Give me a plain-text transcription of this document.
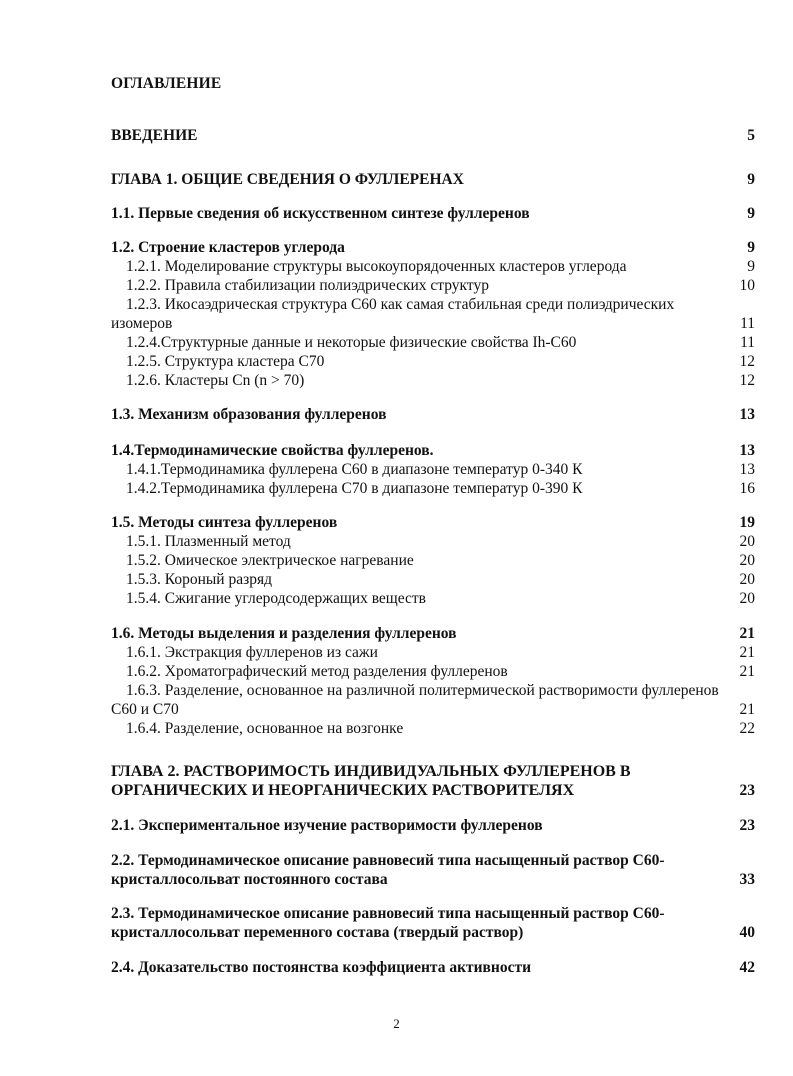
ОГЛАВЛЕНИЕ
ВВЕДЕНИЕ	5
ГЛАВА 1. ОБЩИЕ СВЕДЕНИЯ О ФУЛЛЕРЕНАХ	9
1.1. Первые сведения об искусственном синтезе фуллеренов	9
1.2. Строение кластеров углерода	9
1.2.1. Моделирование структуры высокоупорядоченных кластеров углерода	9
1.2.2. Правила стабилизации полиэдрических структур	10
1.2.3. Икосаэдрическая структура С60 как самая стабильная среди полиэдрических изомеров	11
1.2.4.Структурные данные и некоторые физические свойства Ih-C60	11
1.2.5. Структура кластера С70	12
1.2.6. Кластеры Cn (n > 70)	12
1.3. Механизм образования фуллеренов	13
1.4.Термодинамические свойства фуллеренов.	13
1.4.1.Термодинамика фуллерена С60 в диапазоне температур 0-340 К	13
1.4.2.Термодинамика фуллерена С70 в диапазоне температур 0-390 К	16
1.5. Методы синтеза фуллеренов	19
1.5.1. Плазменный метод	20
1.5.2. Омическое электрическое нагревание	20
1.5.3. Короный разряд	20
1.5.4. Сжигание углеродсодержащих веществ	20
1.6. Методы выделения и разделения фуллеренов	21
1.6.1. Экстракция фуллеренов из сажи	21
1.6.2. Хроматографический метод разделения фуллеренов	21
1.6.3. Разделение, основанное на различной политермической растворимости фуллеренов С60 и С70	21
1.6.4. Разделение, основанное на возгонке	22
ГЛАВА 2. РАСТВОРИМОСТЬ ИНДИВИДУАЛЬНЫХ ФУЛЛЕРЕНОВ В ОРГАНИЧЕСКИХ И НЕОРГАНИЧЕСКИХ РАСТВОРИТЕЛЯХ	23
2.1. Экспериментальное изучение растворимости фуллеренов	23
2.2. Термодинамическое описание равновесий типа насыщенный раствор С60-кристаллосольват постоянного состава	33
2.3. Термодинамическое описание равновесий типа насыщенный раствор С60-кристаллосольват переменного состава (твердый раствор)	40
2.4. Доказательство постоянства коэффициента активности	42
2
